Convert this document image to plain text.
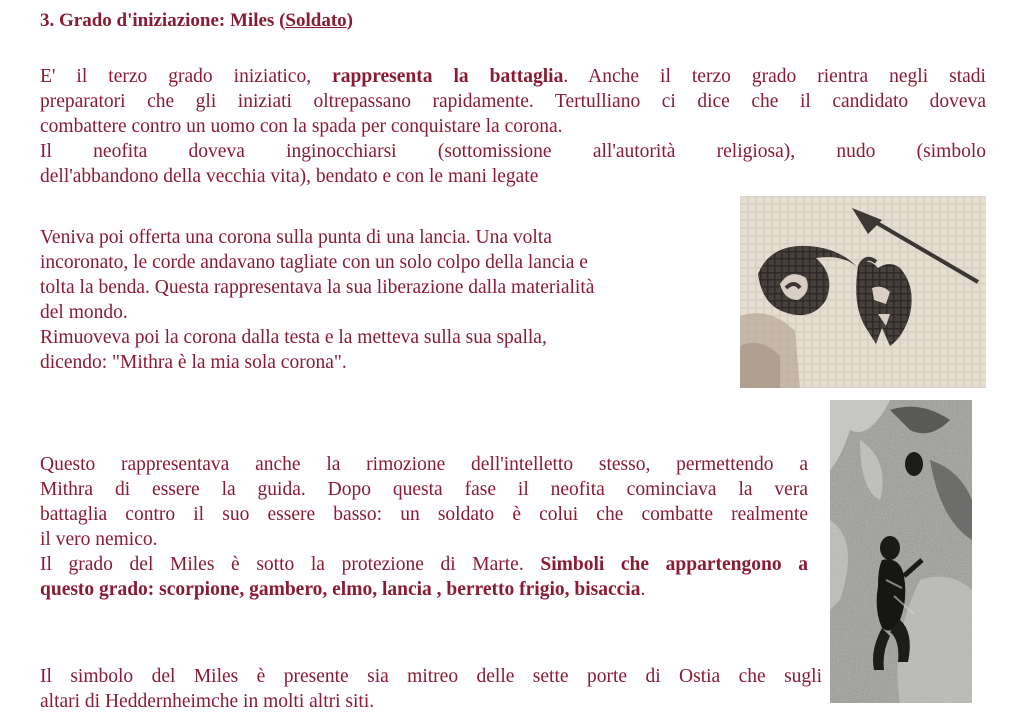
3. Grado d'iniziazione: Miles (Soldato)
E' il terzo grado iniziatico, rappresenta la battaglia. Anche il terzo grado rientra negli stadi
preparatori che gli iniziati oltrepassano rapidamente. Tertulliano ci dice che il candidato doveva
combattere contro un uomo con la spada per conquistare la corona.
Il neofita doveva inginocchiarsi (sottomissione all'autorità religiosa), nudo (simbolo
dell'abbandono della vecchia vita), bendato e con le mani legate
Veniva poi offerta una corona sulla punta di una lancia. Una volta
incoronato, le corde andavano tagliate con un solo colpo della lancia e
tolta la benda. Questa rappresentava la sua liberazione dalla materialità
del mondo.
Rimuoveva poi la corona dalla testa e la metteva sulla sua spalla,
dicendo: "Mithra è la mia sola corona".
Questo rappresentava anche la rimozione dell'intelletto stesso, permettendo a
Mithra di essere la guida. Dopo questa fase il neofita cominciava la vera
battaglia contro il suo essere basso: un soldato è colui che combatte realmente
il vero nemico.
Il grado del Miles è sotto la protezione di Marte. Simboli che appartengono a
questo grado: scorpione, gambero, elmo, lancia , berretto frigio, bisaccia.
Il simbolo del Miles è presente sia mitreo delle sette porte di Ostia che sugli
altari di Heddernheimche in molti altri siti.
